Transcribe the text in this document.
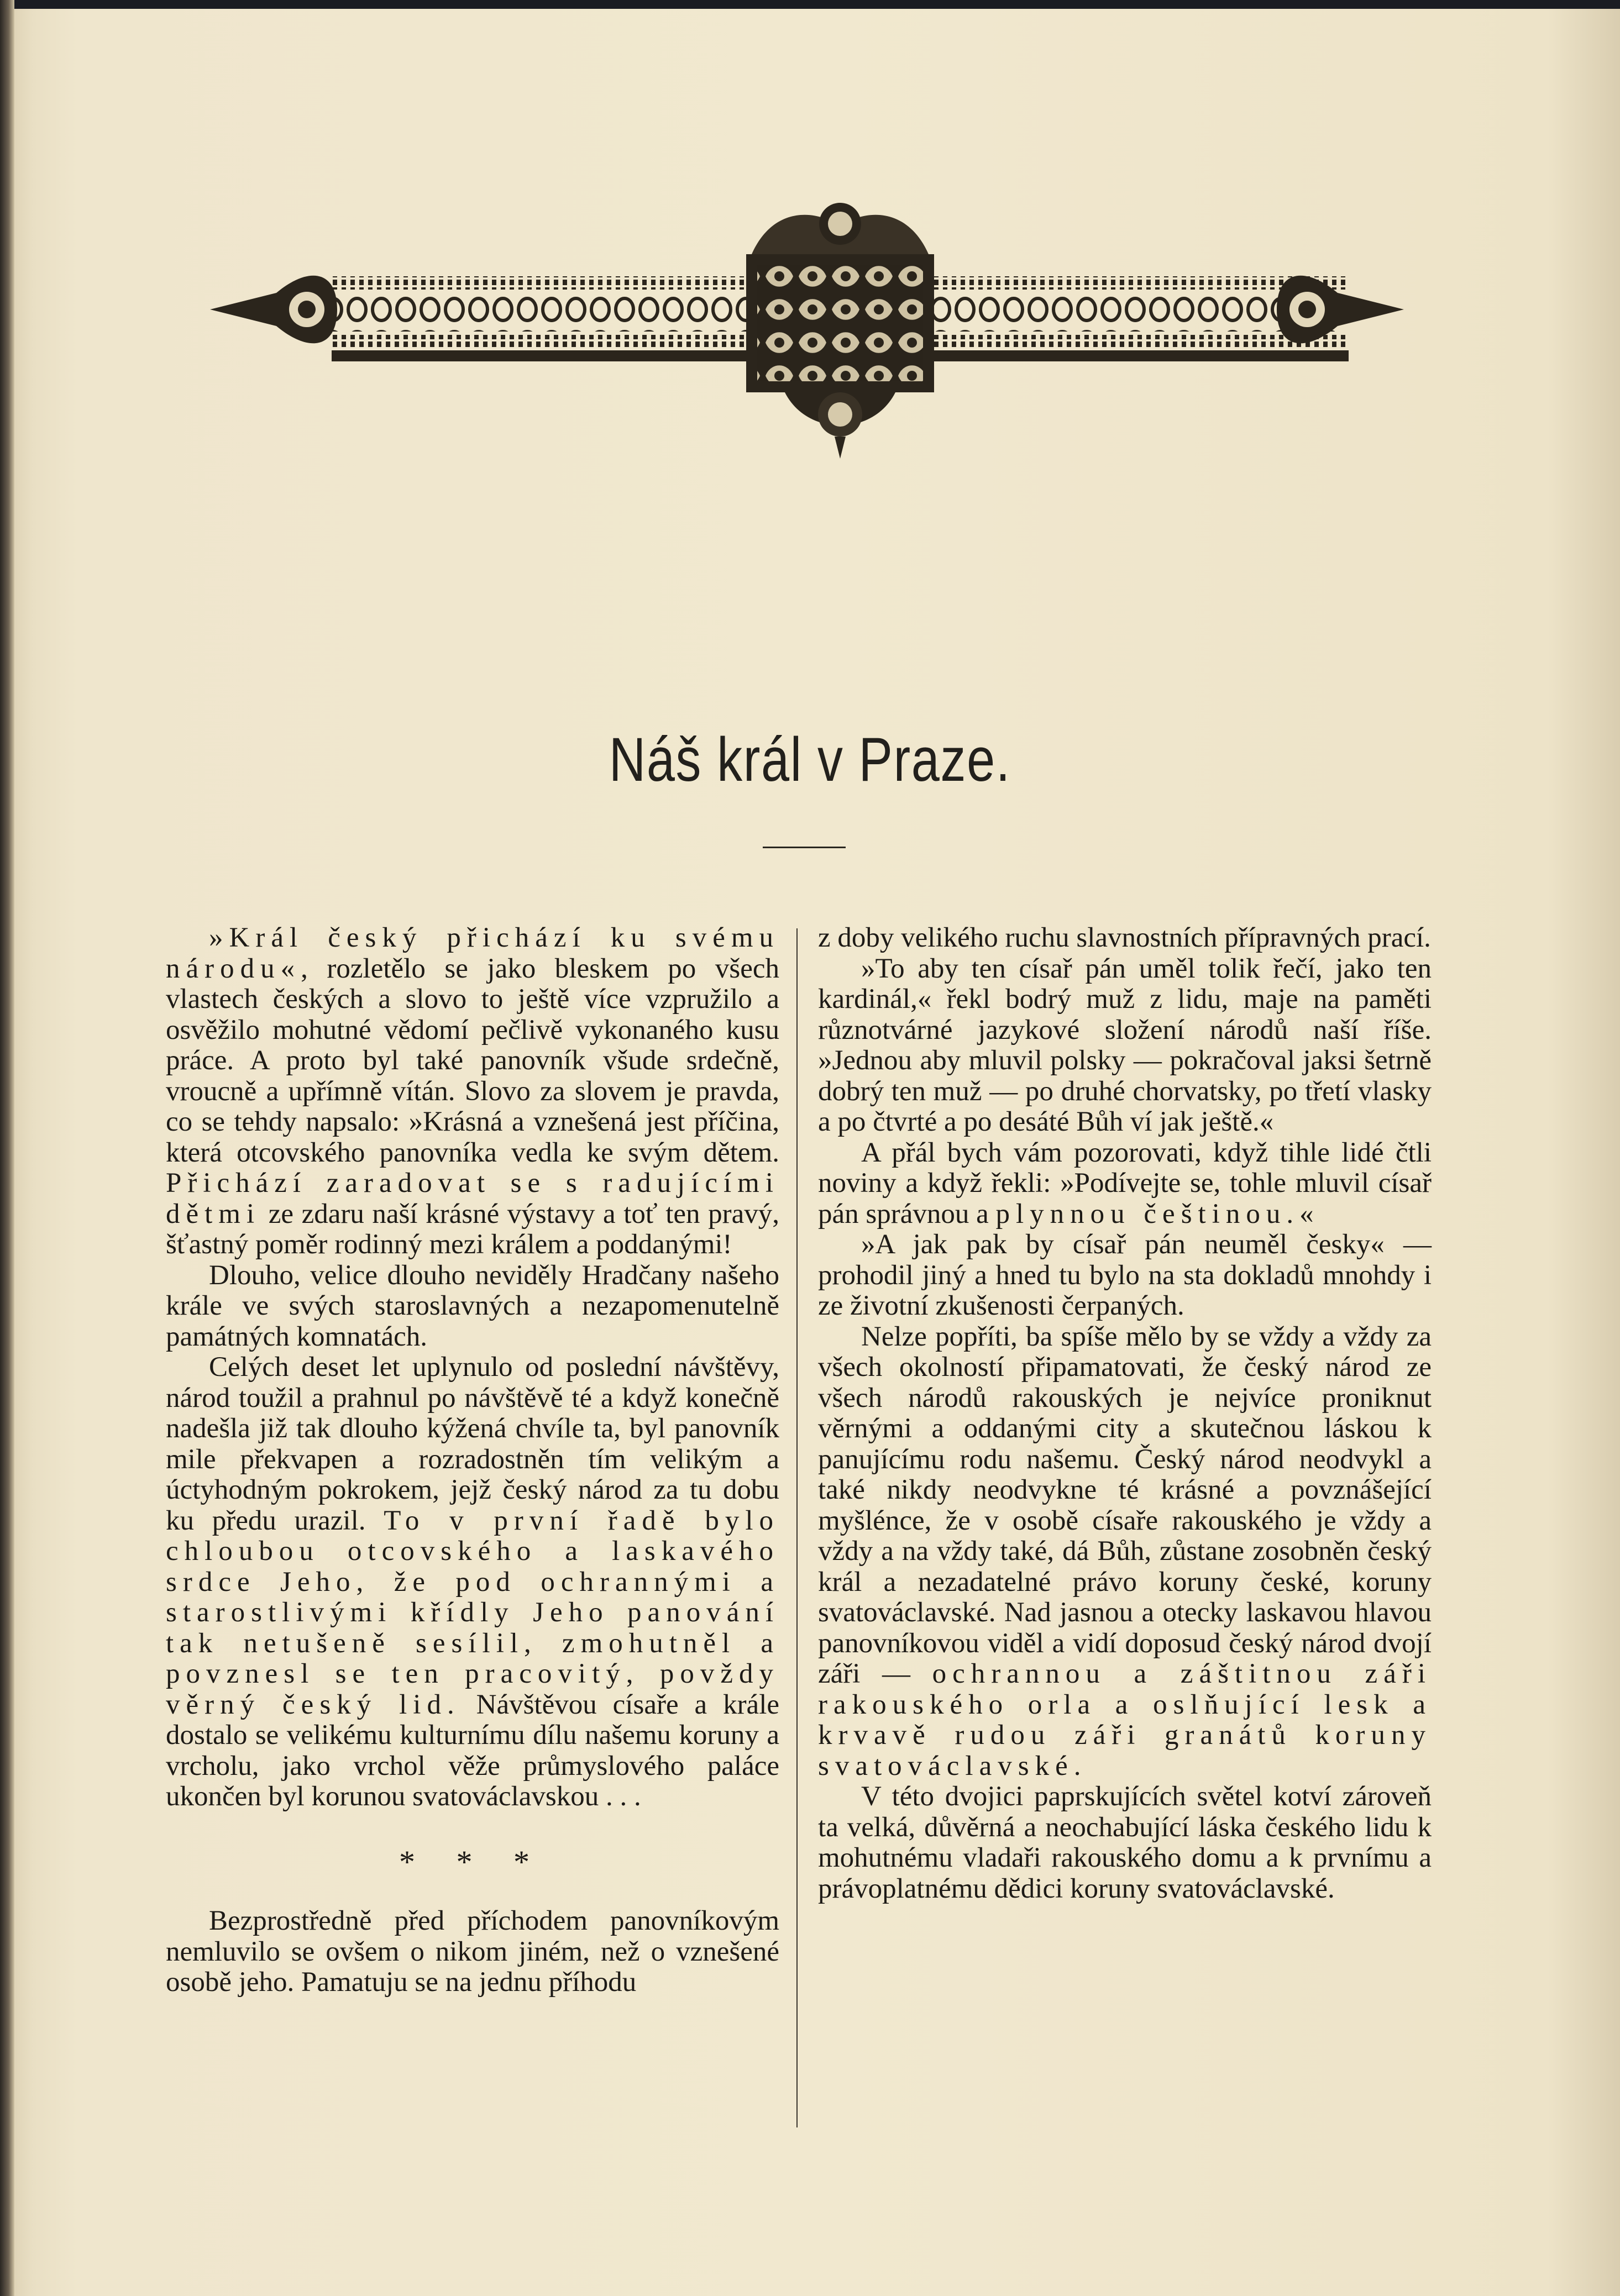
Náš král v Praze.

»Král český přichází ku svému národu«, rozletělo se jako bleskem po všech vlastech českých a slovo to ještě více vzpružilo a osvěžilo mohutné vědomí pečlivě vykonaného kusu práce. A proto byl také panovník všude srdečně, vroucně a upřímně vítán. Slovo za slovem je pravda, co se tehdy napsalo: »Krásná a vznešená jest příčina, která otcovského panovníka vedla ke svým dětem. Přichází zaradovat se s radujícími dětmi ze zdaru naší krásné výstavy a toť ten pravý, šťastný poměr rodinný mezi králem a poddanými!

Dlouho, velice dlouho neviděly Hradčany našeho krále ve svých staroslavných a nezapomenutelně památných komnatách.

Celých deset let uplynulo od poslední návštěvy, národ toužil a prahnul po návštěvě té a když konečně nadešla již tak dlouho kýžená chvíle ta, byl panovník mile překvapen a rozradostněn tím velikým a úctyhodným pokrokem, jejž český národ za tu dobu ku předu urazil. To v první řadě bylo chloubou otcovského a laskavého srdce Jeho, že pod ochrannými a starostlivými křídly Jeho panování tak netušeně sesílil, zmohutněl a povznesl se ten pracovitý, povždy věrný český lid. Návštěvou císaře a krále dostalo se velikému kulturnímu dílu našemu koruny a vrcholu, jako vrchol věže průmyslového paláce ukončen byl korunou svatováclavskou . . .

* * *

Bezprostředně před příchodem panovníkovým nemluvilo se ovšem o nikom jiném, než o vznešené osobě jeho. Pamatuju se na jednu příhodu

z doby velikého ruchu slavnostních přípravných prací.

»To aby ten císař pán uměl tolik řečí, jako ten kardinál,« řekl bodrý muž z lidu, maje na paměti různotvárné jazykové složení národů naší říše. »Jednou aby mluvil polsky — pokračoval jaksi šetrně dobrý ten muž — po druhé chorvatsky, po třetí vlasky a po čtvrté a po desáté Bůh ví jak ještě.«

A přál bych vám pozorovati, když tihle lidé čtli noviny a když řekli: »Podívejte se, tohle mluvil císař pán správnou a plynnou češtinou.«

»A jak pak by císař pán neuměl česky« — prohodil jiný a hned tu bylo na sta dokladů mnohdy i ze životní zkušenosti čerpaných.

Nelze popříti, ba spíše mělo by se vždy a vždy za všech okolností připamatovati, že český národ ze všech národů rakouských je nejvíce proniknut věrnými a oddanými city a skutečnou láskou k panujícímu rodu našemu. Český národ neodvykl a také nikdy neodvykne té krásné a povznášející myšlénce, že v osobě císaře rakouského je vždy a vždy a na vždy také, dá Bůh, zůstane zosobněn český král a nezadatelné právo koruny české, koruny svatováclavské. Nad jasnou a otecky laskavou hlavou panovníkovou viděl a vidí doposud český národ dvojí záři — ochrannou a záštitnou záři rakouského orla a oslňující lesk a krvavě rudou záři granátů koruny svatováclavské.

V této dvojici paprskujících světel kotví zároveň ta velká, důvěrná a neochabující láska českého lidu k mohutnému vladaři rakouského domu a k prvnímu a právoplatnému dědici koruny svatováclavské.
